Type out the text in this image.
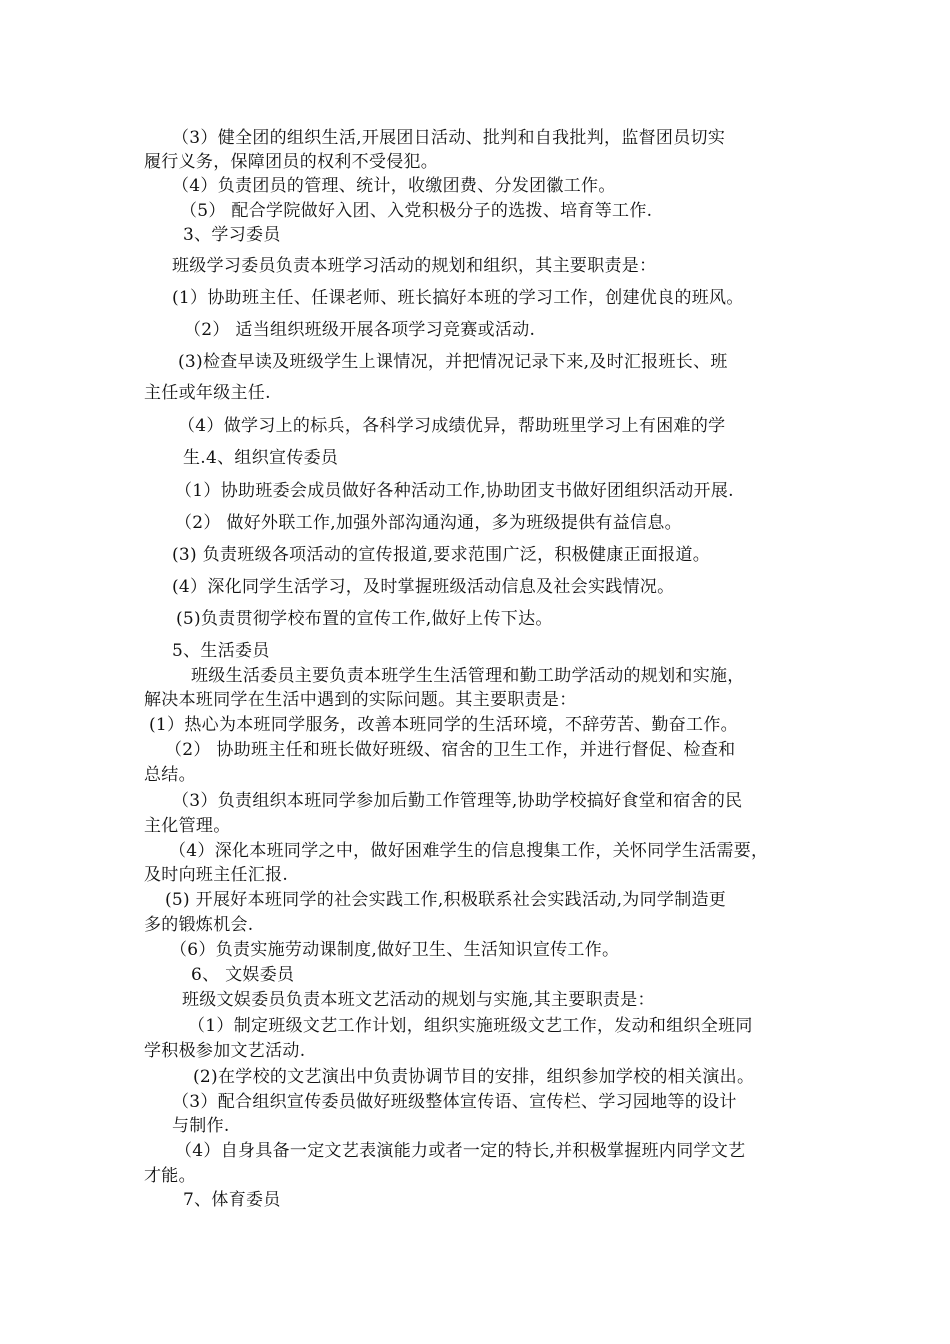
（3）健全团的组织生活,开展团日活动、批判和自我批判，监督团员切实
履行义务，保障团员的权利不受侵犯。
（4）负责团员的管理、统计，收缴团费、分发团徽工作。
（5） 配合学院做好入团、入党积极分子的选拨、培育等工作.
3、学习委员
班级学习委员负责本班学习活动的规划和组织，其主要职责是：
(1）协助班主任、任课老师、班长搞好本班的学习工作，创建优良的班风。
（2） 适当组织班级开展各项学习竞赛或活动.
(3)检查早读及班级学生上课情况，并把情况记录下来,及时汇报班长、班
主任或年级主任.
（4）做学习上的标兵，各科学习成绩优异，帮助班里学习上有困难的学
生.4、组织宣传委员
（1）协助班委会成员做好各种活动工作,协助团支书做好团组织活动开展.
（2） 做好外联工作,加强外部沟通沟通，多为班级提供有益信息。
(3) 负责班级各项活动的宣传报道,要求范围广泛，积极健康正面报道。
(4）深化同学生活学习，及时掌握班级活动信息及社会实践情况。
(5)负责贯彻学校布置的宣传工作,做好上传下达。
5、生活委员
班级生活委员主要负责本班学生生活管理和勤工助学活动的规划和实施，
解决本班同学在生活中遇到的实际问题。其主要职责是：
(1）热心为本班同学服务，改善本班同学的生活环境，不辞劳苦、勤奋工作。
（2） 协助班主任和班长做好班级、宿舍的卫生工作，并进行督促、检查和
总结。
（3）负责组织本班同学参加后勤工作管理等,协助学校搞好食堂和宿舍的民
主化管理。
（4）深化本班同学之中，做好困难学生的信息搜集工作，关怀同学生活需要，
及时向班主任汇报.
(5) 开展好本班同学的社会实践工作,积极联系社会实践活动,为同学制造更
多的锻炼机会.
（6）负责实施劳动课制度,做好卫生、生活知识宣传工作。
6、 文娱委员
班级文娱委员负责本班文艺活动的规划与实施,其主要职责是：
（1）制定班级文艺工作计划，组织实施班级文艺工作，发动和组织全班同
学积极参加文艺活动.
(2)在学校的文艺演出中负责协调节目的安排，组织参加学校的相关演出。
（3）配合组织宣传委员做好班级整体宣传语、宣传栏、学习园地等的设计
与制作.
（4）自身具备一定文艺表演能力或者一定的特长,并积极掌握班内同学文艺
才能。
7、体育委员
